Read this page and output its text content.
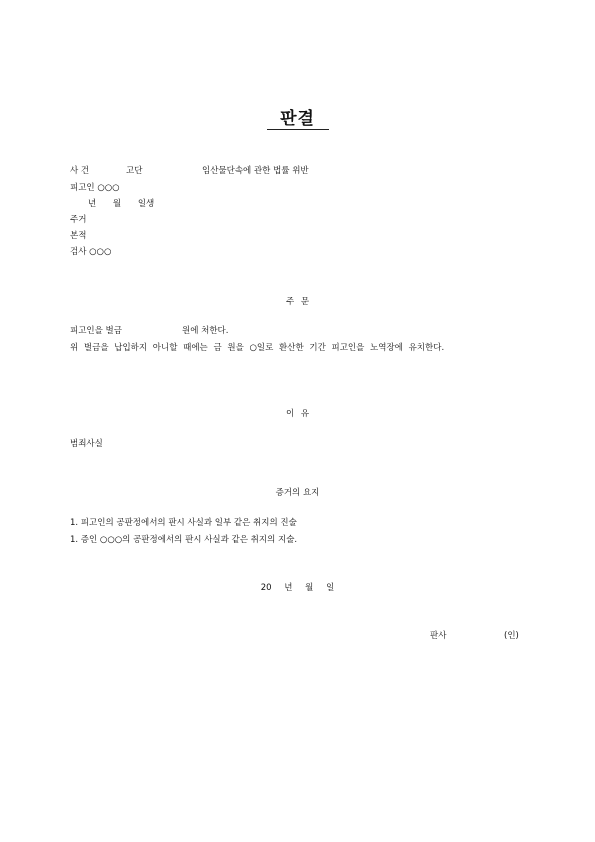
판결
사 건	고단	임산물단속에 관한 법률 위반
피고인 ○○○
년 월 일생
주거
본적
검사 ○○○
주 문
피고인을 벌금	원에 처한다.
위 벌금을 납입하지 아니할 때에는 금 원을 ○일로 환산한 기간 피고인을 노역장에 유치한다.
이 유
범죄사실
증거의 요지
1. 피고인의 공판정에서의 판시 사실과 일부 같은 취지의 진술
1. 증인 ○○○의 공판정에서의 판시 사실과 같은 취지의 지술.
20 년 월 일
판사	(인)
